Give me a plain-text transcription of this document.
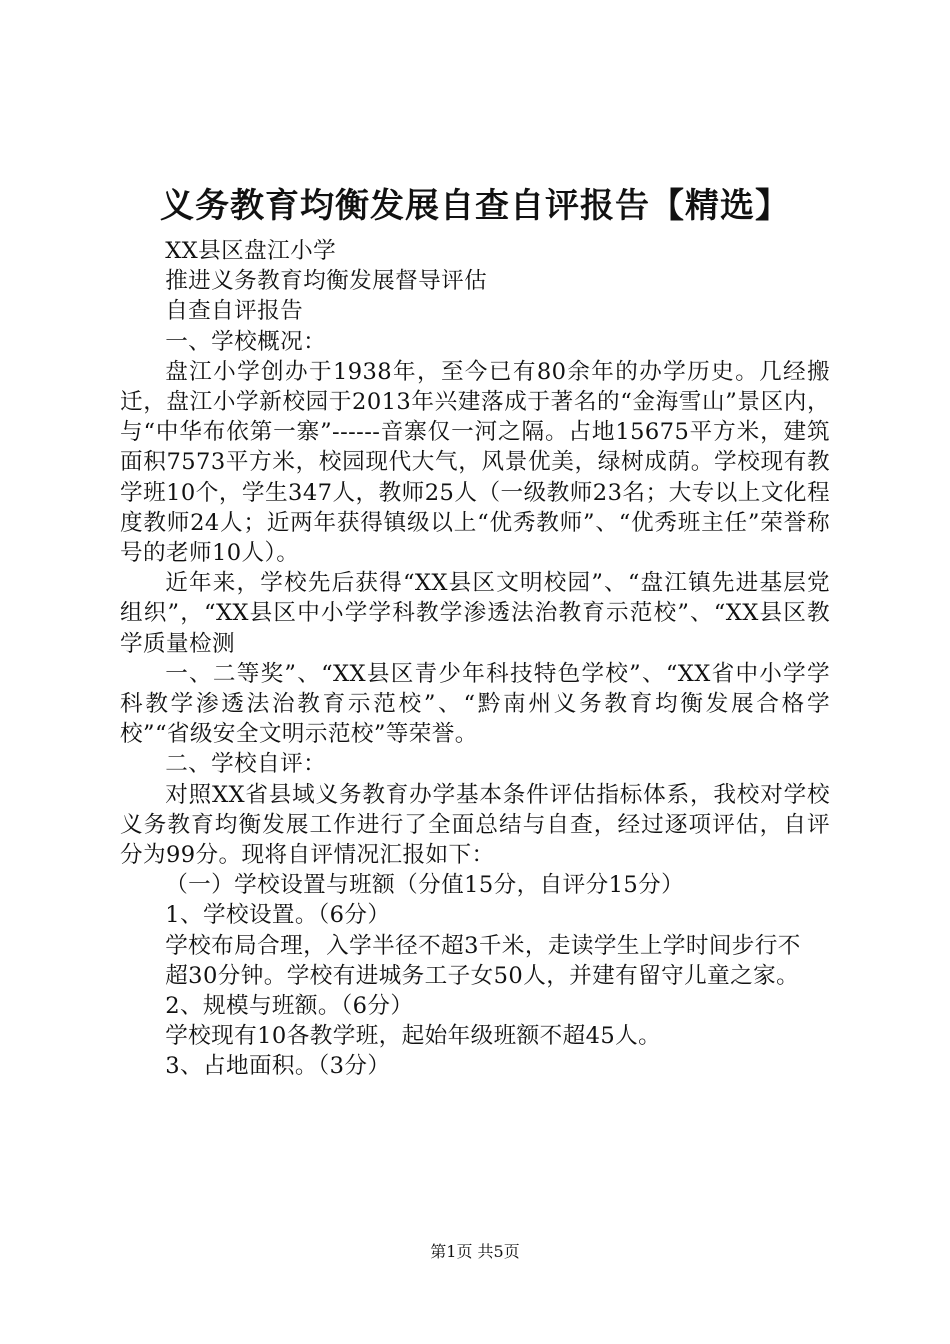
义务教育均衡发展自查自评报告【精选】

XX县区盘江小学

推进义务教育均衡发展督导评估

自查自评报告

一、学校概况：

盘江小学创办于1938年，至今已有80余年的办学历史。几经搬迁，盘江小学新校园于2013年兴建落成于著名的“金海雪山”景区内，与“中华布依第一寨”------音寨仅一河之隔。占地15675平方米，建筑面积7573平方米，校园现代大气，风景优美，绿树成荫。学校现有教学班10个，学生347人，教师25人（一级教师23名；大专以上文化程度教师24人；近两年获得镇级以上“优秀教师”、“优秀班主任”荣誉称号的老师10人）。

近年来，学校先后获得“XX县区文明校园”、“盘江镇先进基层党组织”，“XX县区中小学学科教学渗透法治教育示范校”、“XX县区教学质量检测

一、二等奖”、“XX县区青少年科技特色学校”、“XX省中小学学科教学渗透法治教育示范校”、“黔南州义务教育均衡发展合格学校”“省级安全文明示范校”等荣誉。

二、学校自评：

对照XX省县域义务教育办学基本条件评估指标体系，我校对学校义务教育均衡发展工作进行了全面总结与自查，经过逐项评估，自评分为99分。现将自评情况汇报如下：

（一）学校设置与班额（分值15分，自评分15分）

1、学校设置。（6分）

学校布局合理，入学半径不超3千米，走读学生上学时间步行不

超30分钟。学校有进城务工子女50人，并建有留守儿童之家。

2、规模与班额。（6分）

学校现有10各教学班，起始年级班额不超45人。

3、占地面积。（3分）

第1页 共5页
